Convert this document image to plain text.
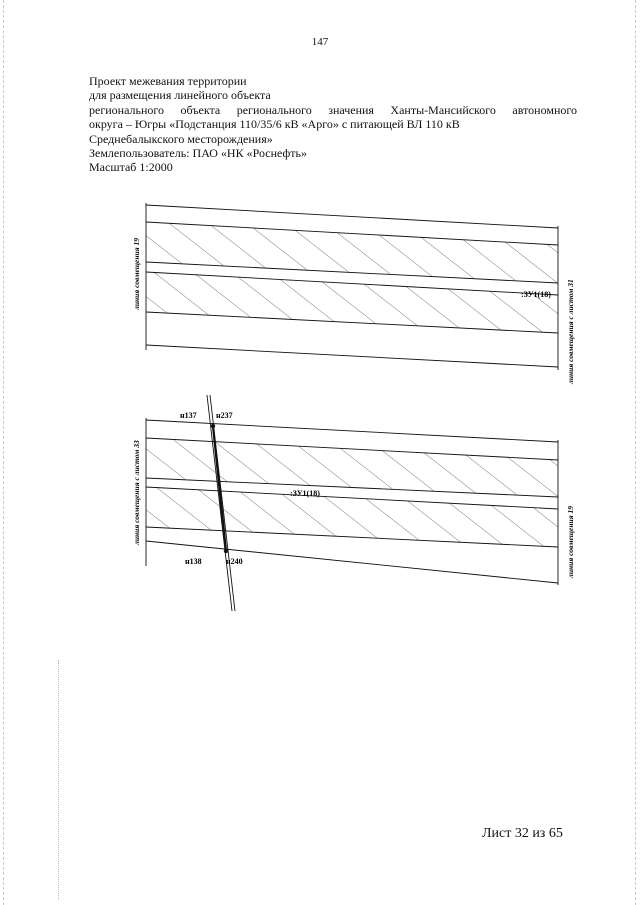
147
Проект межевания территории
для размещения линейного объекта
регионального объекта регионального значения Ханты-Мансийского автономного
округа – Югры «Подстанция 110/35/6 кВ «Арго» с питающей ВЛ 110 кВ
Среднебалыкского месторождения»
Землепользователь: ПАО «НК «Роснефть»
Масштаб 1:2000
линия совмещения 19
линия совмещения с листом 31
:ЗУ1(18)
н137 н237
н138	н240
линия совмещения с листом 33	линия совмещения 19
:ЗУ1(18)
Лист 32 из 65
